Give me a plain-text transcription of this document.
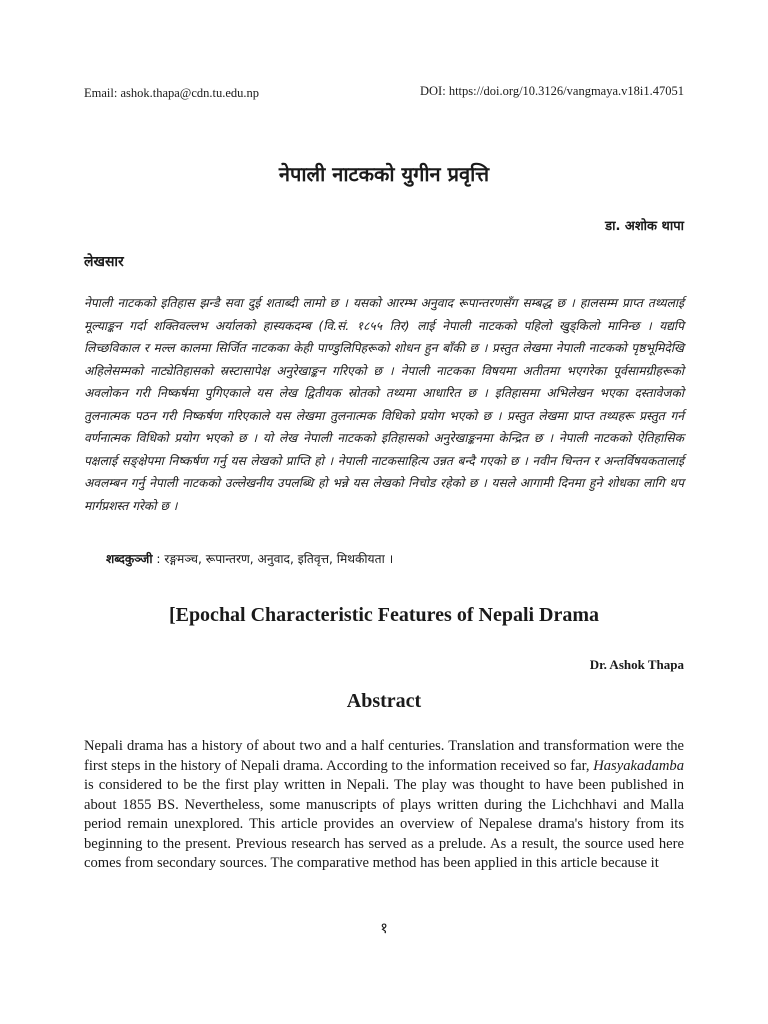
Email: ashok.thapa@cdn.tu.edu.np	DOI: https://doi.org/10.3126/vangmaya.v18i1.47051
नेपाली नाटकको युगीन प्रवृत्ति
डा. अशोक थापा
लेखसार

नेपाली नाटकको इतिहास झन्डै सवा दुई शताब्दी लामो छ । यसको आरम्भ अनुवाद रूपान्तरणसँग सम्बद्ध छ । हालसम्म प्राप्त तथ्यलाई मूल्याङ्कन गर्दा शक्तिवल्लभ अर्यालको हास्यकदम्ब (वि.सं. १८५५ तिर) लाई नेपाली नाटकको पहिलो खुड्किलो मानिन्छ । यद्यपि लिच्छविकाल र मल्ल कालमा सिर्जित नाटकका केही पाण्डुलिपिहरूको शोधन हुन बाँकी छ । प्रस्तुत लेखमा नेपाली नाटकको पृष्ठभूमिदेखि अहिलेसम्मको नाट्येतिहासको स्रस्टासापेक्ष अनुरेखाङ्कन गरिएको छ । नेपाली नाटकका विषयमा अतीतमा भएगरेका पूर्वसामग्रीहरूको अवलोकन गरी निष्कर्षमा पुगिएकाले यस लेख द्वितीयक स्रोतको तथ्यमा आधारित छ । इतिहासमा अभिलेखन भएका दस्तावेजको तुलनात्मक पठन गरी निष्कर्षण गरिएकाले यस लेखमा तुलनात्मक विधिको प्रयोग भएको छ । प्रस्तुत लेखमा प्राप्त तथ्यहरू प्रस्तुत गर्न वर्णनात्मक विधिको प्रयोग भएको छ । यो लेख नेपाली नाटकको इतिहासको अनुरेखाङ्कनमा केन्द्रित छ । नेपाली नाटकको ऐतिहासिक पक्षलाई सङ्क्षेपमा निष्कर्षण गर्नु यस लेखको प्राप्ति हो । नेपाली नाटकसाहित्य उन्नत बन्दै गएको छ । नवीन चिन्तन र अन्तर्विषयकतालाई अवलम्बन गर्नु नेपाली नाटकको उल्लेखनीय उपलब्धि हो भन्ने यस लेखको निचोड रहेको छ । यसले आगामी दिनमा हुने शोधका लागि थप मार्गप्रशस्त गरेको छ ।

शब्दकुञ्जी : रङ्गमञ्च, रूपान्तरण, अनुवाद, इतिवृत्त, मिथकीयता ।
[Epochal Characteristic Features of Nepali Drama
Dr. Ashok Thapa
Abstract

Nepali drama has a history of about two and a half centuries. Translation and transformation were the first steps in the history of Nepali drama. According to the information received so far, Hasyakadamba is considered to be the first play written in Nepali. The play was thought to have been published in about 1855 BS. Nevertheless, some manuscripts of plays written during the Lichchhavi and Malla period remain unexplored. This article provides an overview of Nepalese drama's history from its beginning to the present. Previous research has served as a prelude. As a result, the source used here comes from secondary sources. The comparative method has been applied in this article because it

१
